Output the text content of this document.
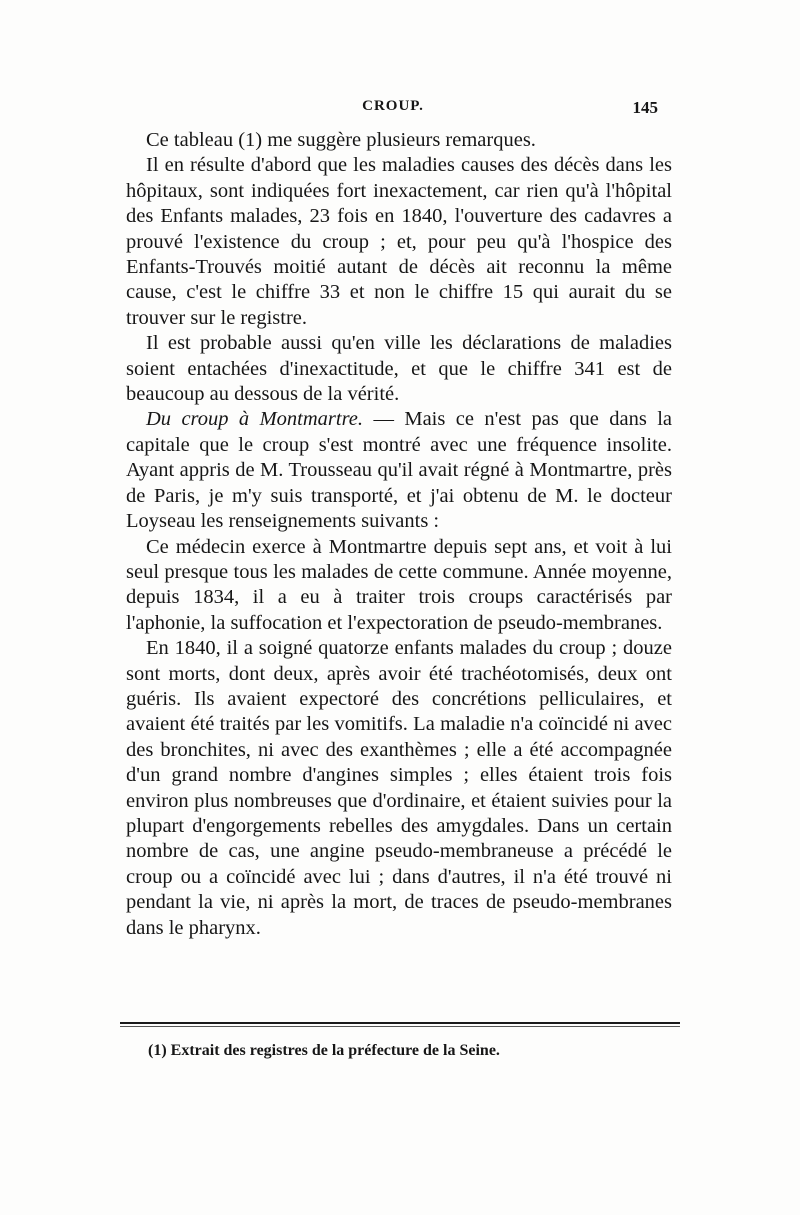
CROUP.	145

Ce tableau (1) me suggère plusieurs remarques.

Il en résulte d'abord que les maladies causes des décès dans les hôpitaux, sont indiquées fort inexactement, car rien qu'à l'hôpital des Enfants malades, 23 fois en 1840, l'ouverture des cadavres a prouvé l'existence du croup ; et, pour peu qu'à l'hospice des Enfants-Trouvés moitié autant de décès ait reconnu la même cause, c'est le chiffre 33 et non le chiffre 15 qui aurait du se trouver sur le registre.

Il est probable aussi qu'en ville les déclarations de maladies soient entachées d'inexactitude, et que le chiffre 341 est de beaucoup au dessous de la vérité.

Du croup à Montmartre. — Mais ce n'est pas que dans la capitale que le croup s'est montré avec une fréquence insolite. Ayant appris de M. Trousseau qu'il avait régné à Montmartre, près de Paris, je m'y suis transporté, et j'ai obtenu de M. le docteur Loyseau les renseignements suivants :

Ce médecin exerce à Montmartre depuis sept ans, et voit à lui seul presque tous les malades de cette commune. Année moyenne, depuis 1834, il a eu à traiter trois croups caractérisés par l'aphonie, la suffocation et l'expectoration de pseudo-membranes.

En 1840, il a soigné quatorze enfants malades du croup ; douze sont morts, dont deux, après avoir été trachéotomisés, deux ont guéris. Ils avaient expectoré des concrétions pelliculaires, et avaient été traités par les vomitifs. La maladie n'a coïncidé ni avec des bronchites, ni avec des exanthèmes ; elle a été accompagnée d'un grand nombre d'angines simples ; elles étaient trois fois environ plus nombreuses que d'ordinaire, et étaient suivies pour la plupart d'engorgements rebelles des amygdales. Dans un certain nombre de cas, une angine pseudo-membraneuse a précédé le croup ou a coïncidé avec lui ; dans d'autres, il n'a été trouvé ni pendant la vie, ni après la mort, de traces de pseudo-membranes dans le pharynx.

(1) Extrait des registres de la préfecture de la Seine.
